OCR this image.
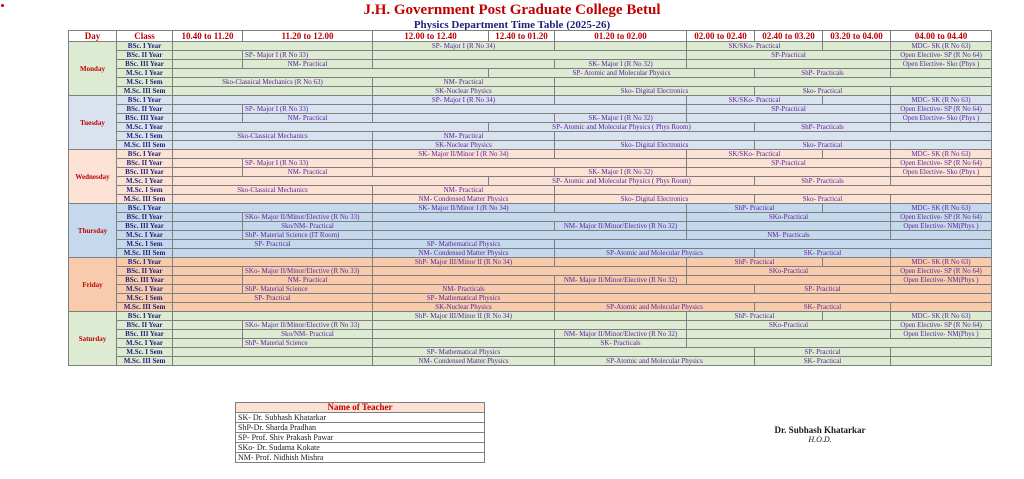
J.H. Government Post Graduate College Betul
Physics Department Time Table (2025-26)
Day	Class	10.40 to 11.20	11.20 to 12.00	12.00 to 12.40	12.40 to 01.20	01.20 to 02.00	02.00 to 02.40	02.40 to 03.20	03.20 to 04.00	04.00 to 04.40
Monday	BSc. I Year			SP- Major I (R No 34)			SK/SKo- Practical			MDC- SK (R No 63)
	BSc. II Year		SP- Major I (R No 33)				SP-Practical			Open Elective- SP (R No 64)
	BSc. III Year		NM- Practical			SK- Major I (R No 32)				Open Elective- Sko (Phys )
	M.Sc. I Year				SP- Atomic and Molecular Physics			ShP- Practicals		
	M.Sc. I Sem	Sko-Classical Mechanics (R No 63)		NM- Practical						
	M.Sc. III Sem			SK-Nuclear Physics		Sko- Digital Electronics		Sko- Practical		
Tuesday	BSc. I Year			SP- Major I (R No 34)			SK/SKo- Practical			MDC- SK (R No 63)
	BSc. II Year		SP- Major I (R No 33)				SP-Practical			Open Elective- SP (R No 64)
	BSc. III Year		NM- Practical			SK- Major I (R No 32)				Open Elective- Sko (Phys )
	M.Sc. I Year				SP- Atomic and Molecular Physics ( Phys Room)			ShP- Practicals		
	M.Sc. I Sem	Sko-Classical Mechanics		NM- Practical						
	M.Sc. III Sem			SK-Nuclear Physics		Sko- Digital Electronics		Sko- Practical		
Wednesday	BSc. I Year			SK- Major II/Minor I (R No 34)			SK/SKo- Practical			MDC- SK (R No 63)
	BSc. II Year		SP- Major I (R No 33)				SP-Practical			Open Elective- SP (R No 64)
	BSc. III Year		NM- Practical			SK- Major I (R No 32)				Open Elective- Sko (Phys )
	M.Sc. I Year				SP- Atomic and Molecular Physics ( Phys Room)			ShP- Practicals		
	M.Sc. I Sem	Sko-Classical Mechanics		NM- Practical						
	M.Sc. III Sem			NM- Condensed Matter Physics		Sko- Digital Electronics		Sko- Practical		
Thursday	BSc. I Year			SK- Major II/Minor I (R No 34)			ShP- Practical			MDC- SK (R No 63)
	BSc. II Year		SKo- Major II/Minor/Elective (R No 33)				SKo-Practical			Open Elective- SP (R No 64)
	BSc. III Year		Sko/NM- Practical			NM- Major II/Minor/Elective (R No 32)				Open Elective- NM(Phys )
	M.Sc. I Year		ShP- Material Science (IT Room)				NM- Practicals			
	M.Sc. I Sem	SP- Practical		SP- Mathematical Physics						
	M.Sc. III Sem			NM- Condensed Matter Physics		SP-Atomic and Molecular Physics		SK- Practical		
Friday	BSc. I Year			ShP- Major III/Minor II (R No 34)			ShP- Practical			MDC- SK (R No 63)
	BSc. II Year		SKo- Major II/Minor/Elective (R No 33)				SKo-Practical			Open Elective- SP (R No 64)
	BSc. III Year		NM- Practical			NM- Major II/Minor/Elective (R No 32)				Open Elective- NM(Phys )
	M.Sc. I Year		ShP- Material Science	NM- Practicals				SP- Practical		
	M.Sc. I Sem	SP- Practical		SP- Mathematical Physics						
	M.Sc. III Sem			SK-Nuclear Physics		SP-Atomic and Molecular Physics		SK- Practical		
Saturday	BSc. I Year			ShP- Major III/Minor II (R No 34)			ShP- Practical			MDC- SK (R No 63)
	BSc. II Year		SKo- Major II/Minor/Elective (R No 33)				SKo-Practical			Open Elective- SP (R No 64)
	BSc. III Year		Sko/NM- Practical			NM- Major II/Minor/Elective (R No 32)				Open Elective- NM(Phys )
	M.Sc. I Year		ShP- Material Science			SK- Practicals				
	M.Sc. I Sem			SP- Mathematical Physics				SP- Practical		
	M.Sc. III Sem			NM- Condensed Matter Physics		SP-Atomic and Molecular Physics		SK- Practical		
Name of Teacher
SK- Dr. Subhash Khatarkar
ShP-Dr. Sharda Pradhan
SP- Prof. Shiv Prakash Pawar
SKo- Dr. Sudama Kokate
NM- Prof. Nidhish Mishra
Dr. Subhash Khatarkar
H.O.D.
